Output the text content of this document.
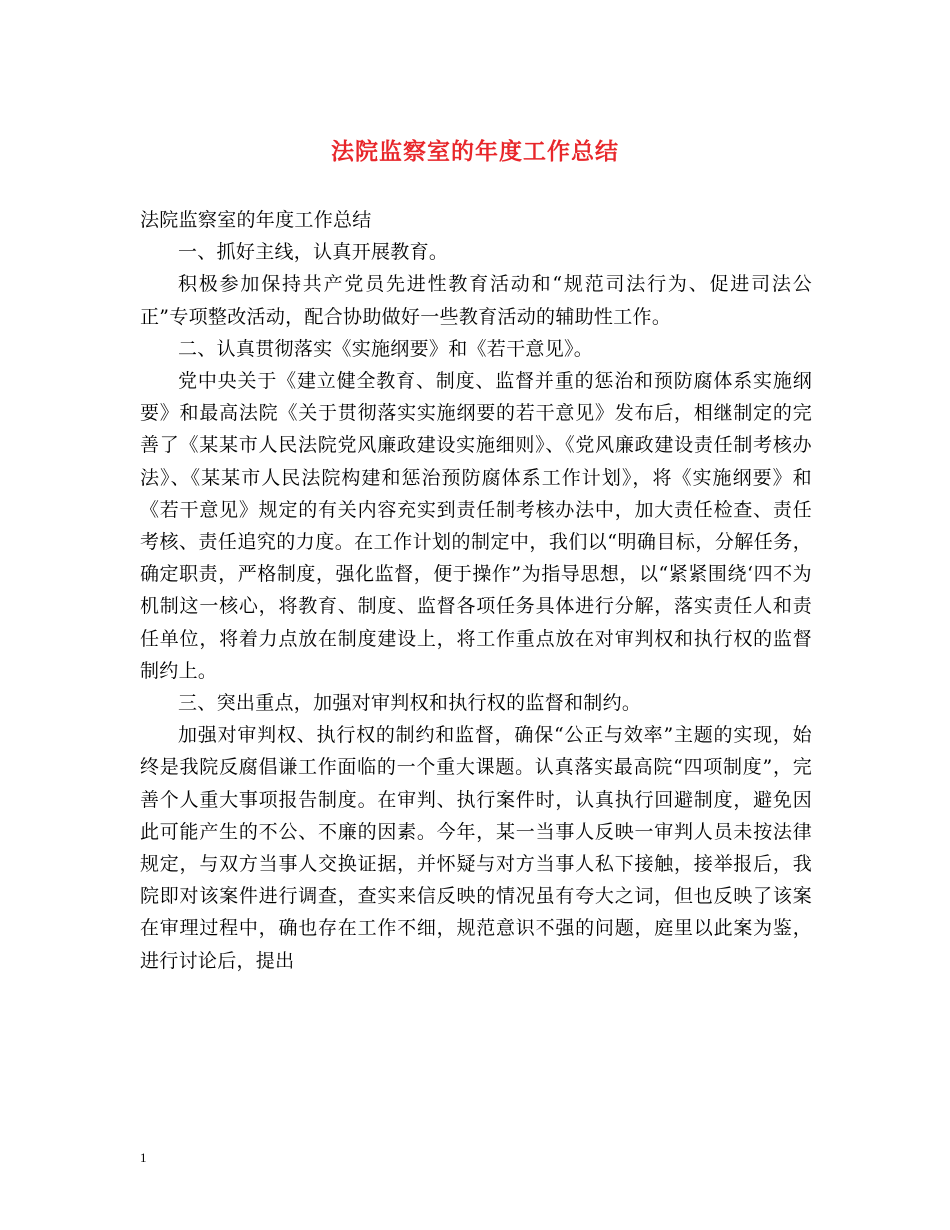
法院监察室的年度工作总结

法院监察室的年度工作总结

一、抓好主线，认真开展教育。

积极参加保持共产党员先进性教育活动和“规范司法行为、促进司法公正”专项整改活动，配合协助做好一些教育活动的辅助性工作。

二、认真贯彻落实《实施纲要》和《若干意见》。

党中央关于《建立健全教育、制度、监督并重的惩治和预防腐体系实施纲要》和最高法院《关于贯彻落实实施纲要的若干意见》发布后，相继制定的完善了《某某市人民法院党风廉政建设实施细则》、《党风廉政建设责任制考核办法》、《某某市人民法院构建和惩治预防腐体系工作计划》，将《实施纲要》和《若干意见》规定的有关内容充实到责任制考核办法中，加大责任检查、责任考核、责任追究的力度。在工作计划的制定中，我们以“明确目标，分解任务，确定职责，严格制度，强化监督，便于操作”为指导思想，以“紧紧围绕‘四不为机制这一核心，将教育、制度、监督各项任务具体进行分解，落实责任人和责任单位，将着力点放在制度建设上，将工作重点放在对审判权和执行权的监督制约上。

三、突出重点，加强对审判权和执行权的监督和制约。

加强对审判权、执行权的制约和监督，确保“公正与效率”主题的实现，始终是我院反腐倡谦工作面临的一个重大课题。认真落实最高院“四项制度”，完善个人重大事项报告制度。在审判、执行案件时，认真执行回避制度，避免因此可能产生的不公、不廉的因素。今年，某一当事人反映一审判人员未按法律规定，与双方当事人交换证据，并怀疑与对方当事人私下接触，接举报后，我院即对该案件进行调查，查实来信反映的情况虽有夸大之词，但也反映了该案在审理过程中，确也存在工作不细，规范意识不强的问题，庭里以此案为鉴，进行讨论后，提出

1
